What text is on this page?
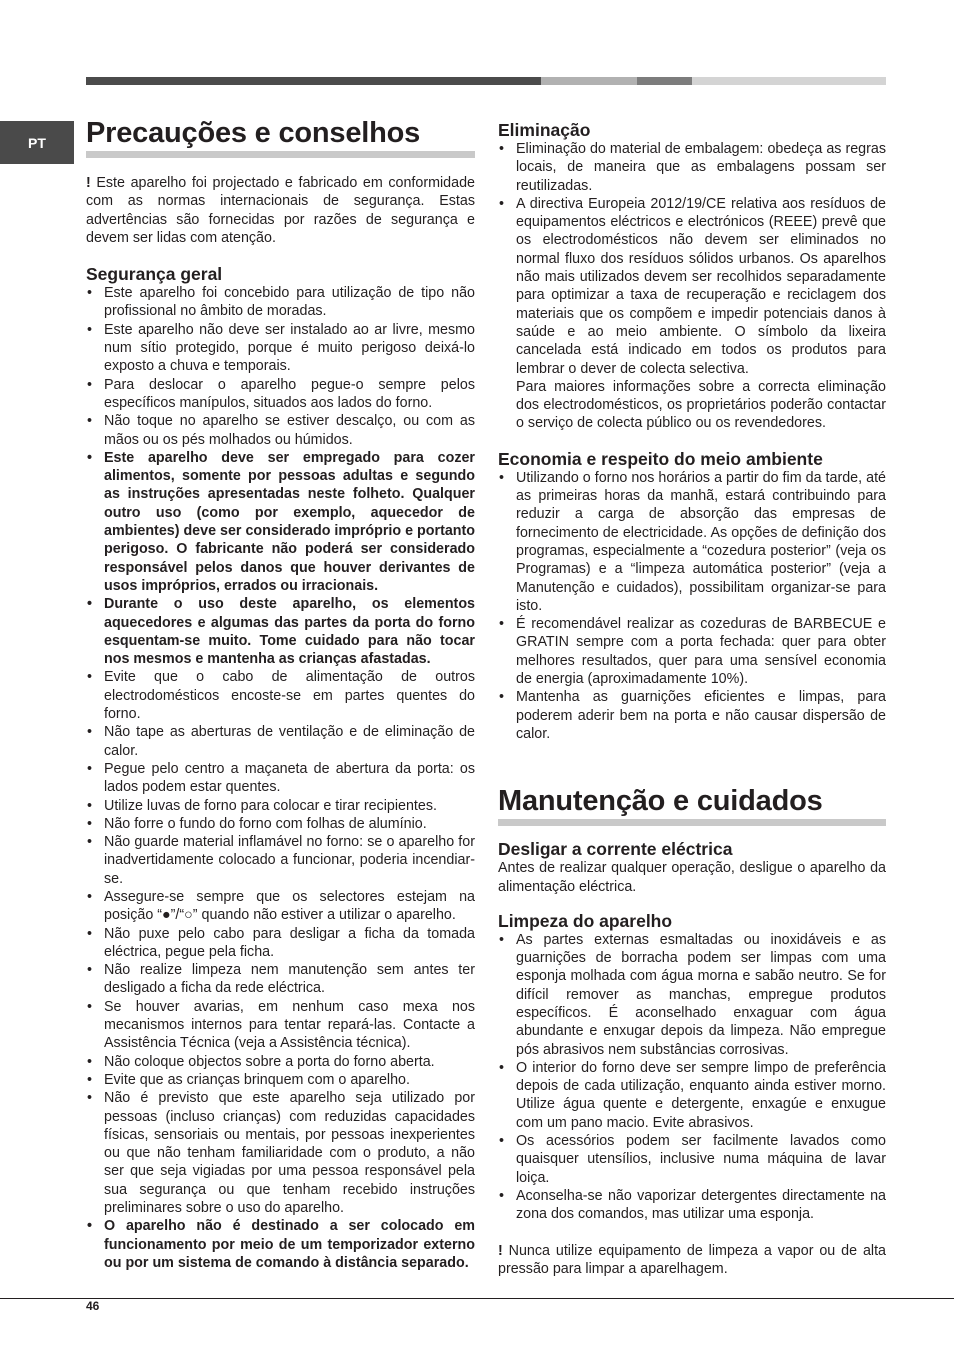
PT	Precauções e conselhos

! Este aparelho foi projectado e fabricado em conformidade com as normas internacionais de segurança. Estas advertências são fornecidas por razões de segurança e devem ser lidas com atenção.

Segurança geral
• Este aparelho foi concebido para utilização de tipo não profissional no âmbito de moradas.
• Este aparelho não deve ser instalado ao ar livre, mesmo num sítio protegido, porque é muito perigoso deixá-lo exposto a chuva e temporais.
• Para deslocar o aparelho pegue-o sempre pelos específicos manípulos, situados aos lados do forno.
• Não toque no aparelho se estiver descalço, ou com as mãos ou os pés molhados ou húmidos.
• Este aparelho deve ser empregado para cozer alimentos, somente por pessoas adultas e segundo as instruções apresentadas neste folheto. Qualquer outro uso (como por exemplo, aquecedor de ambientes) deve ser considerado impróprio e portanto perigoso. O fabricante não poderá ser considerado responsável pelos danos que houver derivantes de usos impróprios, errados ou irracionais.
• Durante o uso deste aparelho, os elementos aquecedores e algumas das partes da porta do forno esquentam-se muito. Tome cuidado para não tocar nos mesmos e mantenha as crianças afastadas.
• Evite que o cabo de alimentação de outros electrodomésticos encoste-se em partes quentes do forno.
• Não tape as aberturas de ventilação e de eliminação de calor.
• Pegue pelo centro a maçaneta de abertura da porta: os lados podem estar quentes.
• Utilize luvas de forno para colocar e tirar recipientes.
• Não forre o fundo do forno com folhas de alumínio.
• Não guarde material inflamável no forno: se o aparelho for inadvertidamente colocado a funcionar, poderia incendiar-se.
• Assegure-se sempre que os selectores estejam na posição “●”/“○” quando não estiver a utilizar o aparelho.
• Não puxe pelo cabo para desligar a ficha da tomada eléctrica, pegue pela ficha.
• Não realize limpeza nem manutenção sem antes ter desligado a ficha da rede eléctrica.
• Se houver avarias, em nenhum caso mexa nos mecanismos internos para tentar repará-las. Contacte a Assistência Técnica (veja a Assistência técnica).
• Não coloque objectos sobre a porta do forno aberta.
• Evite que as crianças brinquem com o aparelho.
• Não é previsto que este aparelho seja utilizado por pessoas (incluso crianças) com reduzidas capacidades físicas, sensoriais ou mentais, por pessoas inexperientes ou que não tenham familiaridade com o produto, a não ser que seja vigiadas por uma pessoa responsável pela sua segurança ou que tenham recebido instruções preliminares sobre o uso do aparelho.
• O aparelho não é destinado a ser colocado em funcionamento por meio de um temporizador externo ou por um sistema de comando à distância separado.
Eliminação
• Eliminação do material de embalagem: obedeça as regras locais, de maneira que as embalagens possam ser reutilizadas.
• A directiva Europeia 2012/19/CE relativa aos resíduos de equipamentos eléctricos e electrónicos (REEE) prevê que os electrodomésticos não devem ser eliminados no normal fluxo dos resíduos sólidos urbanos. Os aparelhos não mais utilizados devem ser recolhidos separadamente para optimizar a taxa de recuperação e reciclagem dos materiais que os compõem e impedir potenciais danos à saúde e ao meio ambiente. O símbolo da lixeira cancelada está indicado em todos os produtos para lembrar o dever de colecta selectiva.
Para maiores informações sobre a correcta eliminação dos electrodomésticos, os proprietários poderão contactar o serviço de colecta público ou os revendedores.
Economia e respeito do meio ambiente
• Utilizando o forno nos horários a partir do fim da tarde, até as primeiras horas da manhã, estará contribuindo para reduzir a carga de absorção das empresas de fornecimento de electricidade. As opções de definição dos programas, especialmente a “cozedura posterior” (veja os Programas) e a “limpeza automática posterior” (veja a Manutenção e cuidados), possibilitam organizar-se para isto.
• É recomendável realizar as cozeduras de BARBECUE e GRATIN sempre com a porta fechada: quer para obter melhores resultados, quer para uma sensível economia de energia (aproximadamente 10%).
• Mantenha as guarnições eficientes e limpas, para poderem aderir bem na porta e não causar dispersão de calor.
Manutenção e cuidados
Desligar a corrente eléctrica

Antes de realizar qualquer operação, desligue o aparelho da alimentação eléctrica.

Limpeza do aparelho
• As partes externas esmaltadas ou inoxidáveis e as guarnições de borracha podem ser limpas com uma esponja molhada com água morna e sabão neutro. Se for difícil remover as manchas, empregue produtos específicos. É aconselhado enxaguar com água abundante e enxugar depois da limpeza. Não empregue pós abrasivos nem substâncias corrosivas.
• O interior do forno deve ser sempre limpo de preferência depois de cada utilização, enquanto ainda estiver morno. Utilize água quente e detergente, enxagúe e enxugue com um pano macio. Evite abrasivos.
• Os acessórios podem ser facilmente lavados como quaisquer utensílios, inclusive numa máquina de lavar loiça.
• Aconselha-se não vaporizar detergentes directamente na zona dos comandos, mas utilizar uma esponja.

! Nunca utilize equipamento de limpeza a vapor ou de alta pressão para limpar a aparelhagem.

46
